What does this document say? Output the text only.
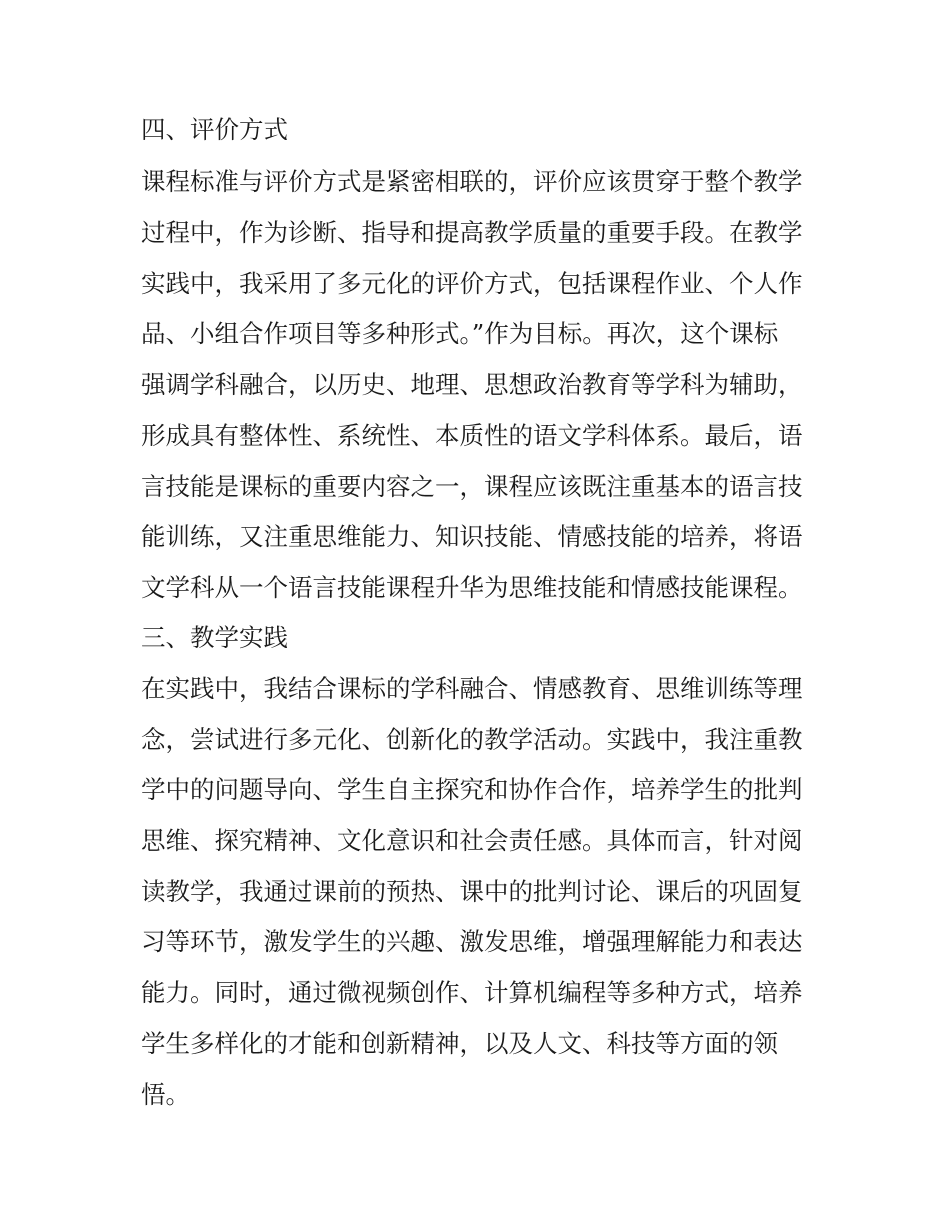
四、评价方式
课程标准与评价方式是紧密相联的，评价应该贯穿于整个教学
过程中，作为诊断、指导和提高教学质量的重要手段。在教学
实践中，我采用了多元化的评价方式，包括课程作业、个人作
品、小组合作项目等多种形式。”作为目标。再次，这个课标
强调学科融合，以历史、地理、思想政治教育等学科为辅助，
形成具有整体性、系统性、本质性的语文学科体系。最后，语
言技能是课标的重要内容之一，课程应该既注重基本的语言技
能训练，又注重思维能力、知识技能、情感技能的培养，将语
文学科从一个语言技能课程升华为思维技能和情感技能课程。
三、教学实践
在实践中，我结合课标的学科融合、情感教育、思维训练等理
念，尝试进行多元化、创新化的教学活动。实践中，我注重教
学中的问题导向、学生自主探究和协作合作，培养学生的批判
思维、探究精神、文化意识和社会责任感。具体而言，针对阅
读教学，我通过课前的预热、课中的批判讨论、课后的巩固复
习等环节，激发学生的兴趣、激发思维，增强理解能力和表达
能力。同时，通过微视频创作、计算机编程等多种方式，培养
学生多样化的才能和创新精神，以及人文、科技等方面的领
悟。
